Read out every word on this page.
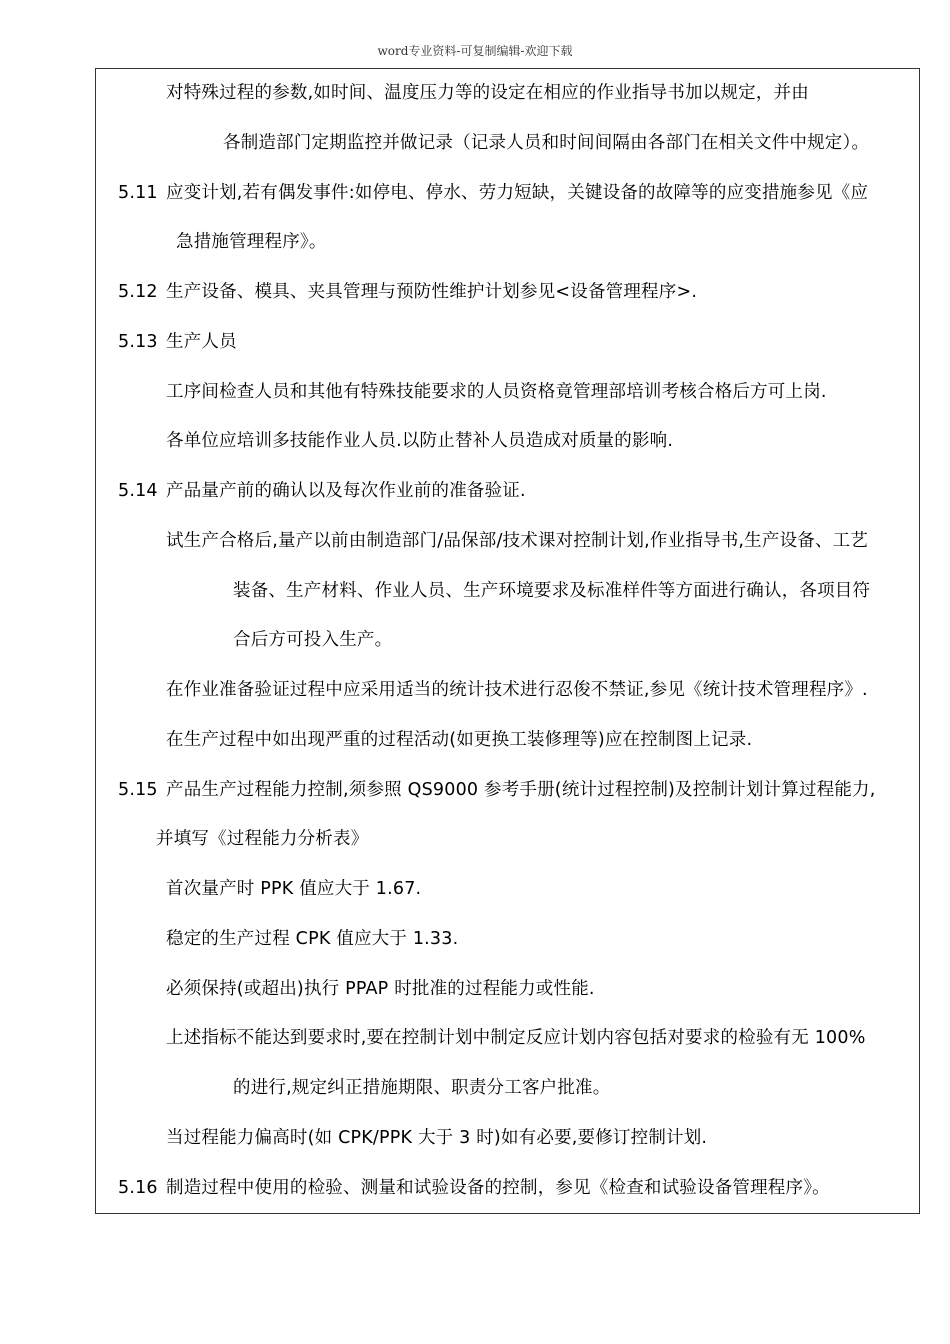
word专业资料-可复制编辑-欢迎下载
对特殊过程的参数,如时间、温度压力等的设定在相应的作业指导书加以规定，并由
各制造部门定期监控并做记录（记录人员和时间间隔由各部门在相关文件中规定）。
5.11 应变计划,若有偶发事件:如停电、停水、劳力短缺，关键设备的故障等的应变措施参见《应
急措施管理程序》。
5.12 生产设备、模具、夹具管理与预防性维护计划参见<设备管理程序>.
5.13 生产人员
工序间检查人员和其他有特殊技能要求的人员资格竟管理部培训考核合格后方可上岗.
各单位应培训多技能作业人员.以防止替补人员造成对质量的影响.
5.14 产品量产前的确认以及每次作业前的准备验证.
试生产合格后,量产以前由制造部门/品保部/技术课对控制计划,作业指导书,生产设备、工艺
装备、生产材料、作业人员、生产环境要求及标准样件等方面进行确认，各项目符
合后方可投入生产。
在作业准备验证过程中应采用适当的统计技术进行忍俊不禁证,参见《统计技术管理程序》.
在生产过程中如出现严重的过程活动(如更换工装修理等)应在控制图上记录.
5.15 产品生产过程能力控制,须参照 QS9000 参考手册(统计过程控制)及控制计划计算过程能力,
并填写《过程能力分析表》
首次量产时 PPK 值应大于 1.67.
稳定的生产过程 CPK 值应大于 1.33.
必须保持(或超出)执行 PPAP 时批准的过程能力或性能.
上述指标不能达到要求时,要在控制计划中制定反应计划内容包括对要求的检验有无 100%
的进行,规定纠正措施期限、职责分工客户批准。
当过程能力偏高时(如 CPK/PPK 大于 3 时)如有必要,要修订控制计划.
5.16 制造过程中使用的检验、测量和试验设备的控制，参见《检查和试验设备管理程序》。
